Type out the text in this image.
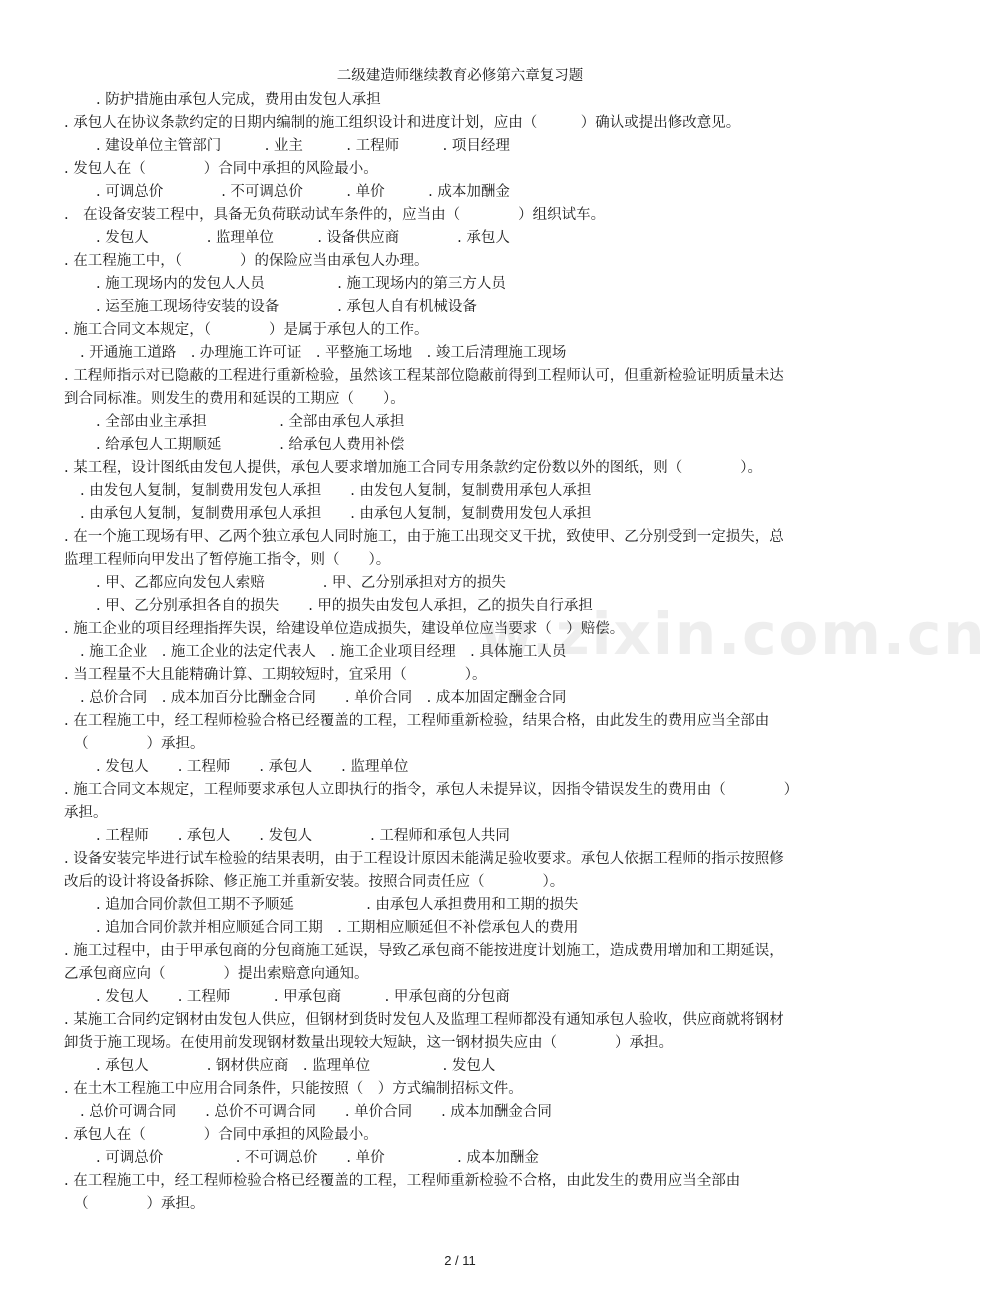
w.zixin.com.cn
二级建造师继续教育必修第六章复习题
. 防护措施由承包人完成，费用由发包人承担
. 承包人在协议条款约定的日期内编制的施工组织设计和进度计划，应由（　　　）确认或提出修改意见。
. 建设单位主管部门　　　. 业主　　　. 工程师　　　. 项目经理
. 发包人在（　　　　）合同中承担的风险最小。
. 可调总价　　　　. 不可调总价　　　. 单价　　　. 成本加酬金
.　在设备安装工程中，具备无负荷联动试车条件的，应当由（　　　　）组织试车。
. 发包人　　　　. 监理单位　　　. 设备供应商　　　　. 承包人
. 在工程施工中，（　　　　）的保险应当由承包人办理。
. 施工现场内的发包人人员　　　　　. 施工现场内的第三方人员
. 运至施工现场待安装的设备　　　　. 承包人自有机械设备
. 施工合同文本规定，（　　　　）是属于承包人的工作。
. 开通施工道路　. 办理施工许可证　. 平整施工场地　. 竣工后清理施工现场
. 工程师指示对已隐蔽的工程进行重新检验，虽然该工程某部位隐蔽前得到工程师认可，但重新检验证明质量未达
到合同标准。则发生的费用和延误的工期应（　　）。
. 全部由业主承担　　　　　. 全部由承包人承担
. 给承包人工期顺延　　　　. 给承包人费用补偿
. 某工程，设计图纸由发包人提供，承包人要求增加施工合同专用条款约定份数以外的图纸，则（　　　　）。
. 由发包人复制，复制费用发包人承担　　. 由发包人复制，复制费用承包人承担
. 由承包人复制，复制费用承包人承担　　. 由承包人复制，复制费用发包人承担
. 在一个施工现场有甲、乙两个独立承包人同时施工，由于施工出现交叉干扰，致使甲、乙分别受到一定损失，总
监理工程师向甲发出了暂停施工指令，则（　　）。
. 甲、乙都应向发包人索赔　　　　. 甲、乙分别承担对方的损失
. 甲、乙分别承担各自的损失　　. 甲的损失由发包人承担，乙的损失自行承担
. 施工企业的项目经理指挥失误，给建设单位造成损失，建设单位应当要求（　）赔偿。
. 施工企业　. 施工企业的法定代表人　. 施工企业项目经理　. 具体施工人员
. 当工程量不大且能精确计算、工期较短时，宜采用（　　　　）。
. 总价合同　. 成本加百分比酬金合同　　. 单价合同　. 成本加固定酬金合同
. 在工程施工中，经工程师检验合格已经覆盖的工程，工程师重新检验，结果合格，由此发生的费用应当全部由
（　　　　）承担。
. 发包人　　. 工程师　　. 承包人　　. 监理单位
. 施工合同文本规定，工程师要求承包人立即执行的指令，承包人未提异议，因指令错误发生的费用由（　　　　）
承担。
. 工程师　　. 承包人　　. 发包人　　　　. 工程师和承包人共同
. 设备安装完毕进行试车检验的结果表明，由于工程设计原因未能满足验收要求。承包人依据工程师的指示按照修
改后的设计将设备拆除、修正施工并重新安装。按照合同责任应（　　　　）。
. 追加合同价款但工期不予顺延　　　　　. 由承包人承担费用和工期的损失
. 追加合同价款并相应顺延合同工期　. 工期相应顺延但不补偿承包人的费用
. 施工过程中，由于甲承包商的分包商施工延误，导致乙承包商不能按进度计划施工，造成费用增加和工期延误，
乙承包商应向（　　　　）提出索赔意向通知。
. 发包人　　. 工程师　　　. 甲承包商　　　. 甲承包商的分包商
. 某施工合同约定钢材由发包人供应，但钢材到货时发包人及监理工程师都没有通知承包人验收，供应商就将钢材
卸货于施工现场。在使用前发现钢材数量出现较大短缺，这一钢材损失应由（　　　　）承担。
. 承包人　　　　. 钢材供应商　. 监理单位　　　　　. 发包人
. 在土木工程施工中应用合同条件，只能按照（　）方式编制招标文件。
. 总价可调合同　　. 总价不可调合同　　. 单价合同　　. 成本加酬金合同
. 承包人在（　　　　）合同中承担的风险最小。
. 可调总价　　　　　. 不可调总价　　. 单价　　　　　. 成本加酬金
. 在工程施工中，经工程师检验合格已经覆盖的工程，工程师重新检验不合格，由此发生的费用应当全部由
（　　　　）承担。
2 / 11
